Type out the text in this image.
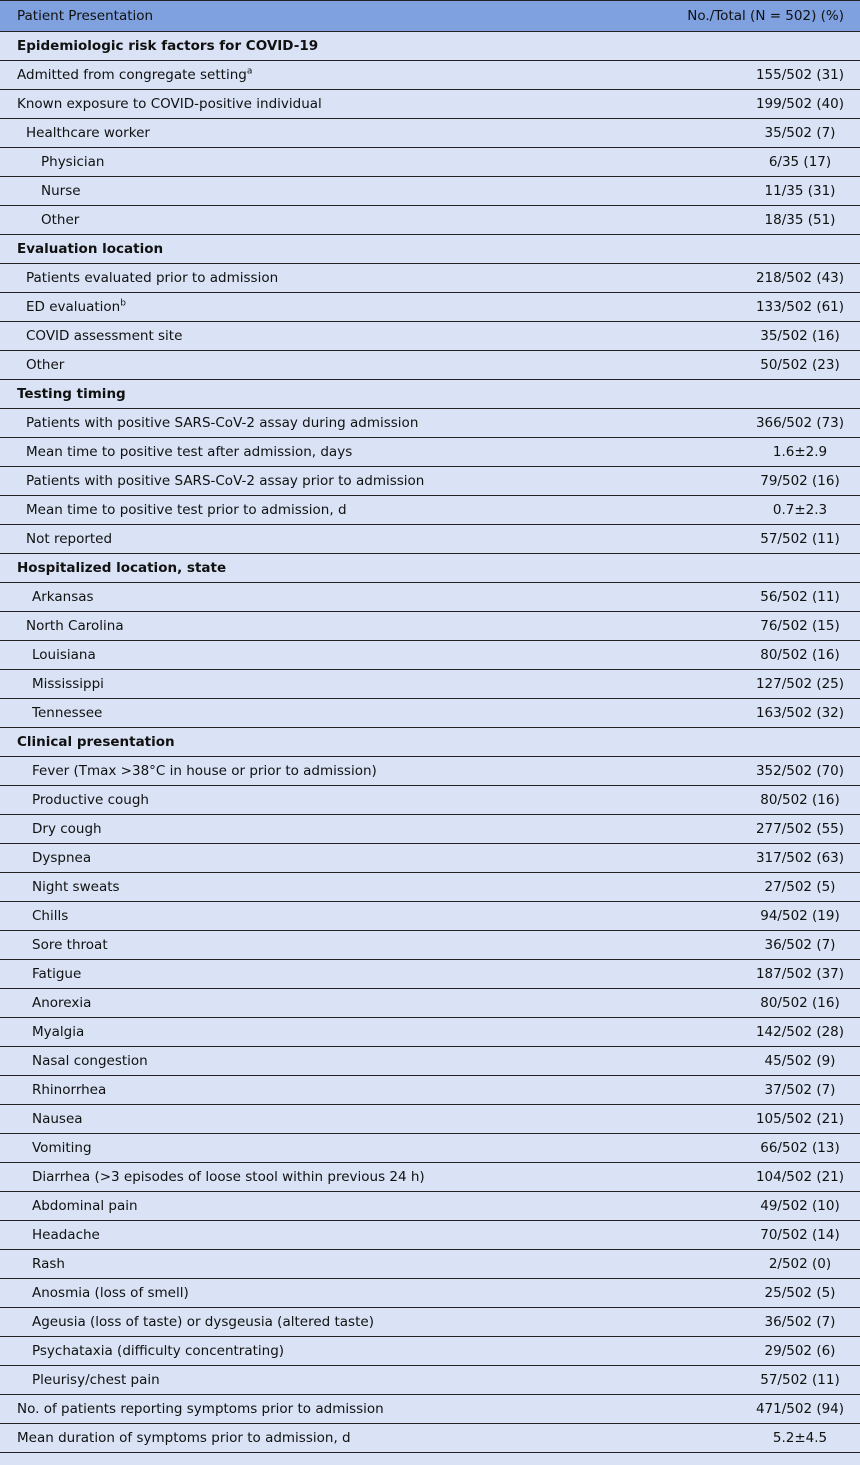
Patient Presentation	No./Total (N = 502) (%)
Epidemiologic risk factors for COVID-19	
Admitted from congregate setting$^a$	155/502 (31)
Known exposure to COVID-positive individual	199/502 (40)
Healthcare worker	35/502 (7)
Physician	6/35 (17)
Nurse	11/35 (31)
Other	18/35 (51)
Evaluation location	
Patients evaluated prior to admission	218/502 (43)
ED evaluation$^b$	133/502 (61)
COVID assessment site	35/502 (16)
Other	50/502 (23)
Testing timing	
Patients with positive SARS-CoV-2 assay during admission	366/502 (73)
Mean time to positive test after admission, days	1.6±2.9
Patients with positive SARS-CoV-2 assay prior to admission	79/502 (16)
Mean time to positive test prior to admission, d	0.7±2.3
Not reported	57/502 (11)
Hospitalized location, state	
Arkansas	56/502 (11)
North Carolina	76/502 (15)
Louisiana	80/502 (16)
Mississippi	127/502 (25)
Tennessee	163/502 (32)
Clinical presentation	
Fever (Tmax >38°C in house or prior to admission)	352/502 (70)
Productive cough	80/502 (16)
Dry cough	277/502 (55)
Dyspnea	317/502 (63)
Night sweats	27/502 (5)
Chills	94/502 (19)
Sore throat	36/502 (7)
Fatigue	187/502 (37)
Anorexia	80/502 (16)
Myalgia	142/502 (28)
Nasal congestion	45/502 (9)
Rhinorrhea	37/502 (7)
Nausea	105/502 (21)
Vomiting	66/502 (13)
Diarrhea (>3 episodes of loose stool within previous 24 h)	104/502 (21)
Abdominal pain	49/502 (10)
Headache	70/502 (14)
Rash	2/502 (0)
Anosmia (loss of smell)	25/502 (5)
Ageusia (loss of taste) or dysgeusia (altered taste)	36/502 (7)
Psychataxia (difficulty concentrating)	29/502 (6)
Pleurisy/chest pain	57/502 (11)
No. of patients reporting symptoms prior to admission	471/502 (94)
Mean duration of symptoms prior to admission, d	5.2±4.5
